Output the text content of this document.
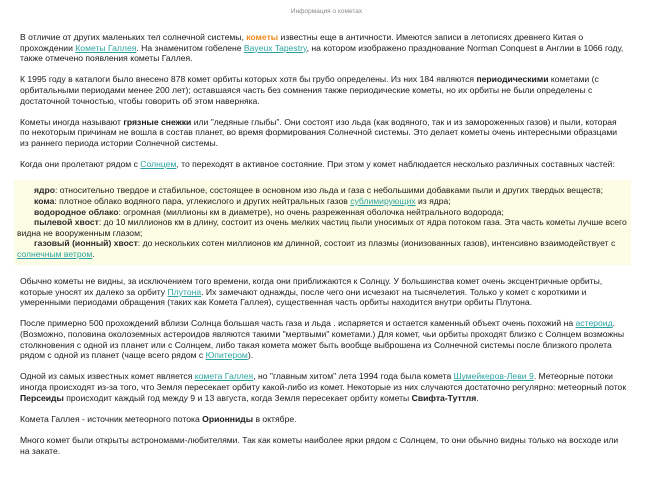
Информация о кометах

В отличие от других маленьких тел солнечной системы, кометы известны еще в античности. Имеются записи в летописях древнего Китая о прохождении Кометы Галлея. На знаменитом гобелене Bayeux Tapestry, на котором изображено празднование Norman Conquest в Англии в 1066 году, также отмечено появления кометы Галлея.

К 1995 году в каталоги было внесено 878 комет орбиты которых хотя бы грубо определены. Из них 184 являются периодическими кометами (с орбитальными периодами менее 200 лет); оставшаяся часть без сомнения также периодические кометы, но их орбиты не были определены с достаточной точностью, чтобы говорить об этом наверняка.

Кометы иногда называют грязные снежки или "ледяные глыбы". Они состоят изо льда (как водяного, так и из замороженных газов) и пыли, которая по некоторым причинам не вошла в состав планет, во время формирования Солнечной системы. Это делает кометы очень интересными образцами из раннего периода истории Солнечной системы.

Когда они пролетают рядом с Солнцем, то переходят в активное состояние. При этом у комет наблюдается несколько различных составных частей:

ядро: относительно твердое и стабильное, состоящее в основном изо льда и газа с небольшими добавками пыли и других твердых веществ;
кома: плотное облако водяного пара, углекислого и других нейтральных газов сублимирующих из ядра;
водородное облако: огромная (миллионы км в диаметре), но очень разреженная оболочка нейтрального водорода;
пылевой хвост: до 10 миллионов км в длину, состоит из очень мелких частиц пыли уносимых от ядра потоком газа. Эта часть кометы лучше всего видна не вооруженным глазом;
газовый (ионный) хвост: до нескольких сотен миллионов км длинной, состоит из плазмы (ионизованных газов), интенсивно взаимодействует с солнечным ветром.

Обычно кометы не видны, за исключением того времени, когда они приближаются к Солнцу. У большинства комет очень эксцентричные орбиты, которые уносят их далеко за орбиту Плутона. Их замечают однажды, после чего они исчезают на тысячелетия. Только у комет с короткими и умеренными периодами обращения (таких как Комета Галлея), существенная часть орбиты находится внутри орбиты Плутона.

После примерно 500 прохождений вблизи Солнца большая часть газа и льда . испаряется и остается каменный объект очень похожий на астероид. (Возможно, половина околоземных астероидов являются такими "мертвыми" кометами.) Для комет, чьи орбиты проходят близко с Солнцем возможны столкновения с одной из планет или с Солнцем, либо такая комета может быть вообще выброшена из Солнечной системы после близкого пролета рядом с одной из планет (чаще всего рядом с Юпитером).

Одной из самых известных комет является комета Галлея, но "главным хитом" лета 1994 года была комета Шумейкеров-Леви 9. Метеорные потоки иногда происходят из-за того, что Земля пересекает орбиту какой-либо из комет. Некоторые из них случаются достаточно регулярно: метеорный поток Персеиды происходит каждый год между 9 и 13 августа, когда Земля пересекает орбиту кометы Свифта-Туттля.

Комета Галлея - источник метеорного потока Орионниды в октябре.

Много комет были открыты астрономами-любителями. Так как кометы наиболее ярки рядом с Солнцем, то они обычно видны только на восходе или на закате.
